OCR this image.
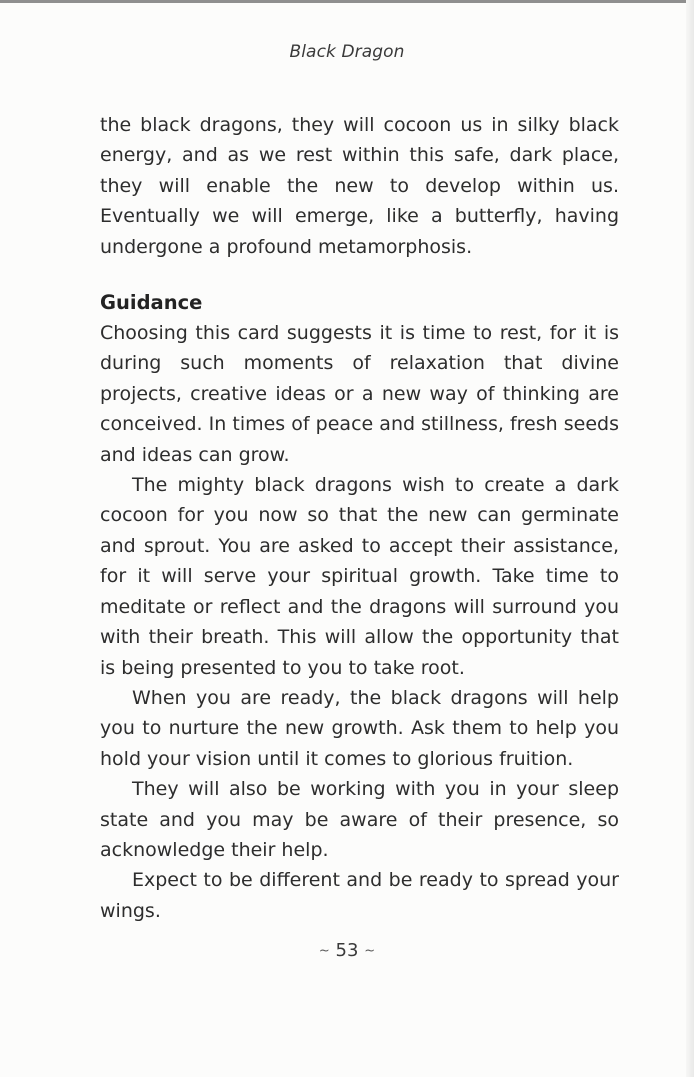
Black Dragon

the black dragons, they will cocoon us in silky black energy, and as we rest within this safe, dark place, they will enable the new to develop within us. Eventually we will emerge, like a butterfly, having undergone a profound metamorphosis.

Guidance

Choosing this card suggests it is time to rest, for it is during such moments of relaxation that divine projects, creative ideas or a new way of thinking are conceived. In times of peace and stillness, fresh seeds and ideas can grow.

The mighty black dragons wish to create a dark cocoon for you now so that the new can germinate and sprout. You are asked to accept their assistance, for it will serve your spiritual growth. Take time to meditate or reflect and the dragons will surround you with their breath. This will allow the opportunity that is being presented to you to take root.

When you are ready, the black dragons will help you to nurture the new growth. Ask them to help you hold your vision until it comes to glorious fruition.

They will also be working with you in your sleep state and you may be aware of their presence, so acknowledge their help.

Expect to be different and be ready to spread your wings.

~ 53 ~
